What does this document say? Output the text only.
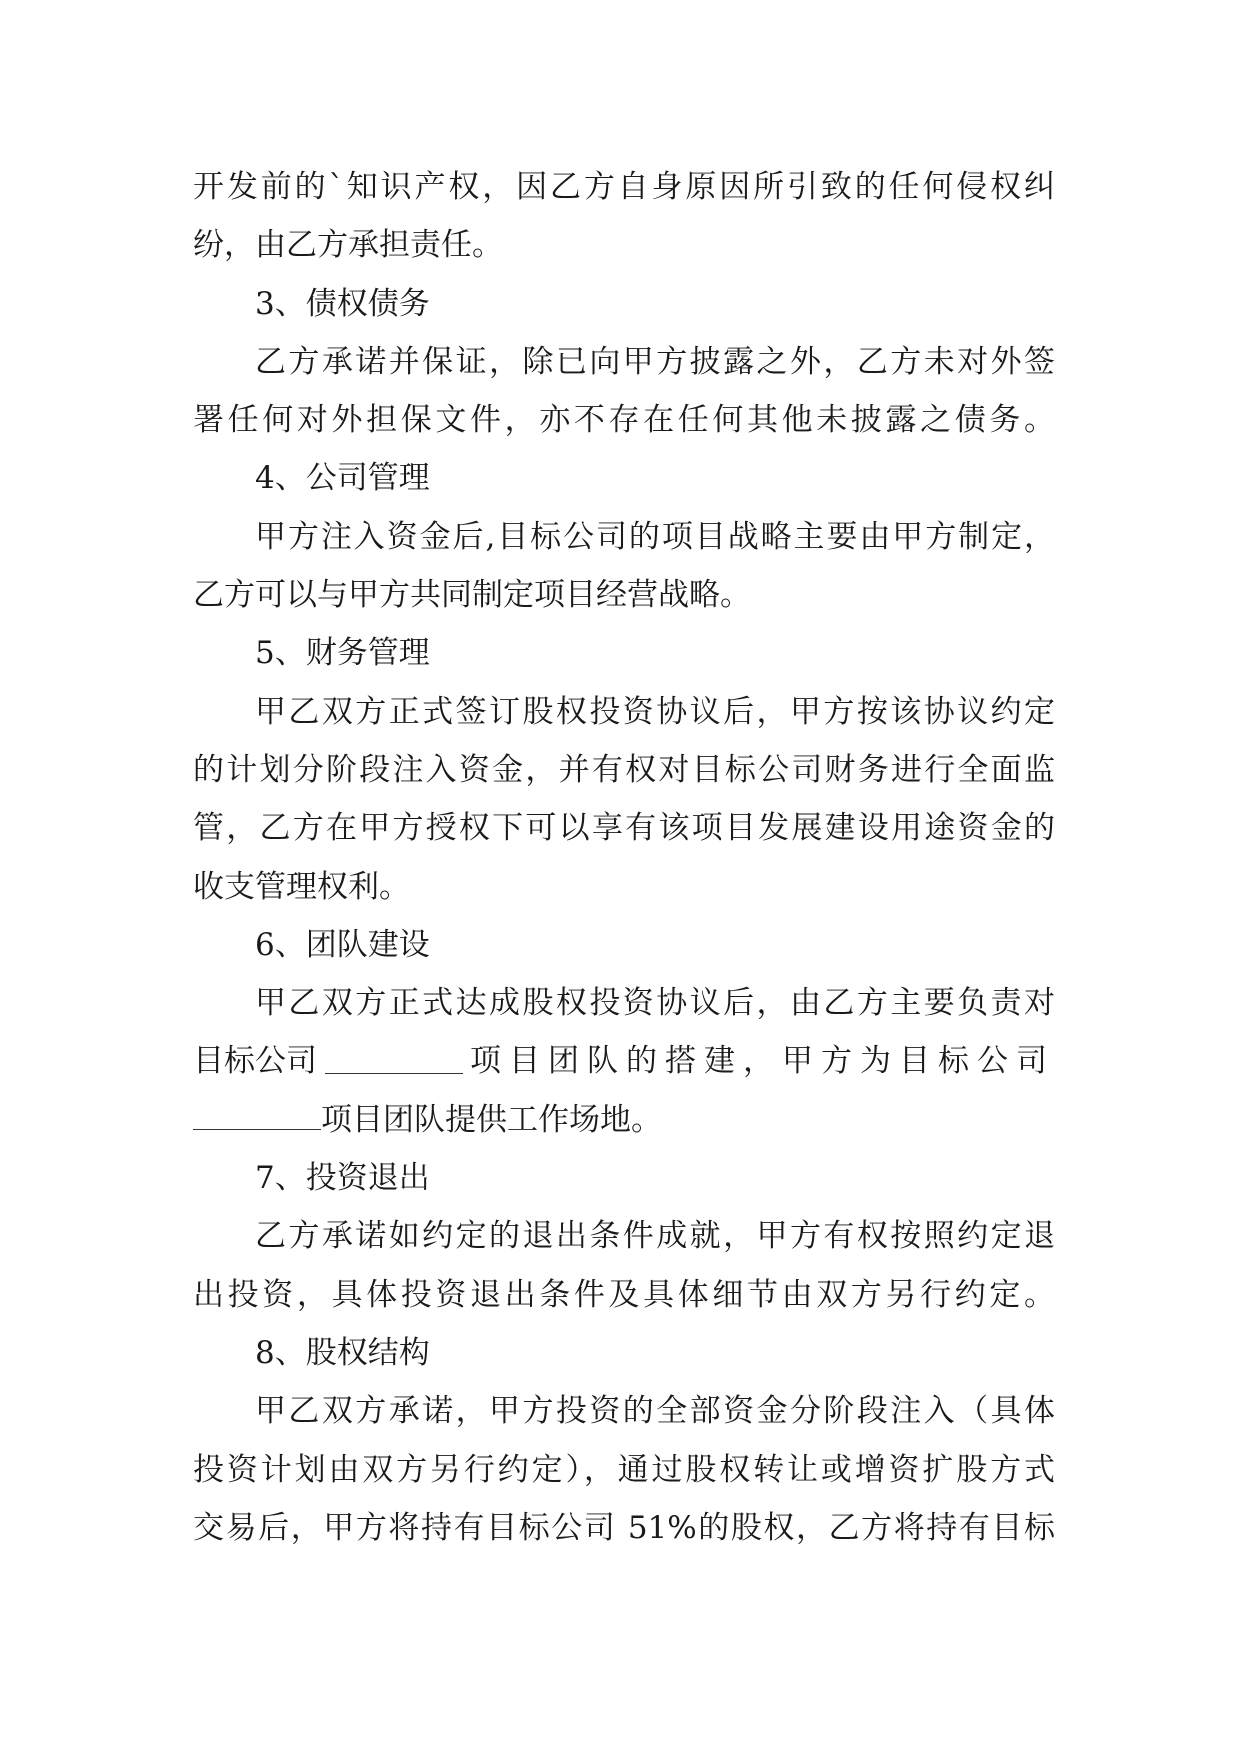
开发前的`知识产权，因乙方自身原因所引致的任何侵权纠
纷，由乙方承担责任。
3、债权债务
乙方承诺并保证，除已向甲方披露之外，乙方未对外签
署任何对外担保文件，亦不存在任何其他未披露之债务。
4、公司管理
甲方注入资金后,目标公司的项目战略主要由甲方制定，
乙方可以与甲方共同制定项目经营战略。
5、财务管理
甲乙双方正式签订股权投资协议后，甲方按该协议约定
的计划分阶段注入资金，并有权对目标公司财务进行全面监
管，乙方在甲方授权下可以享有该项目发展建设用途资金的
收支管理权利。
6、团队建设
甲乙双方正式达成股权投资协议后，由乙方主要负责对
目标公司	项目团队的搭建，甲方为目标公司
项目团队提供工作场地。
7、投资退出
乙方承诺如约定的退出条件成就，甲方有权按照约定退
出投资，具体投资退出条件及具体细节由双方另行约定。
8、股权结构
甲乙双方承诺，甲方投资的全部资金分阶段注入（具体
投资计划由双方另行约定），通过股权转让或增资扩股方式
交易后，甲方将持有目标公司 51%的股权，乙方将持有目标
